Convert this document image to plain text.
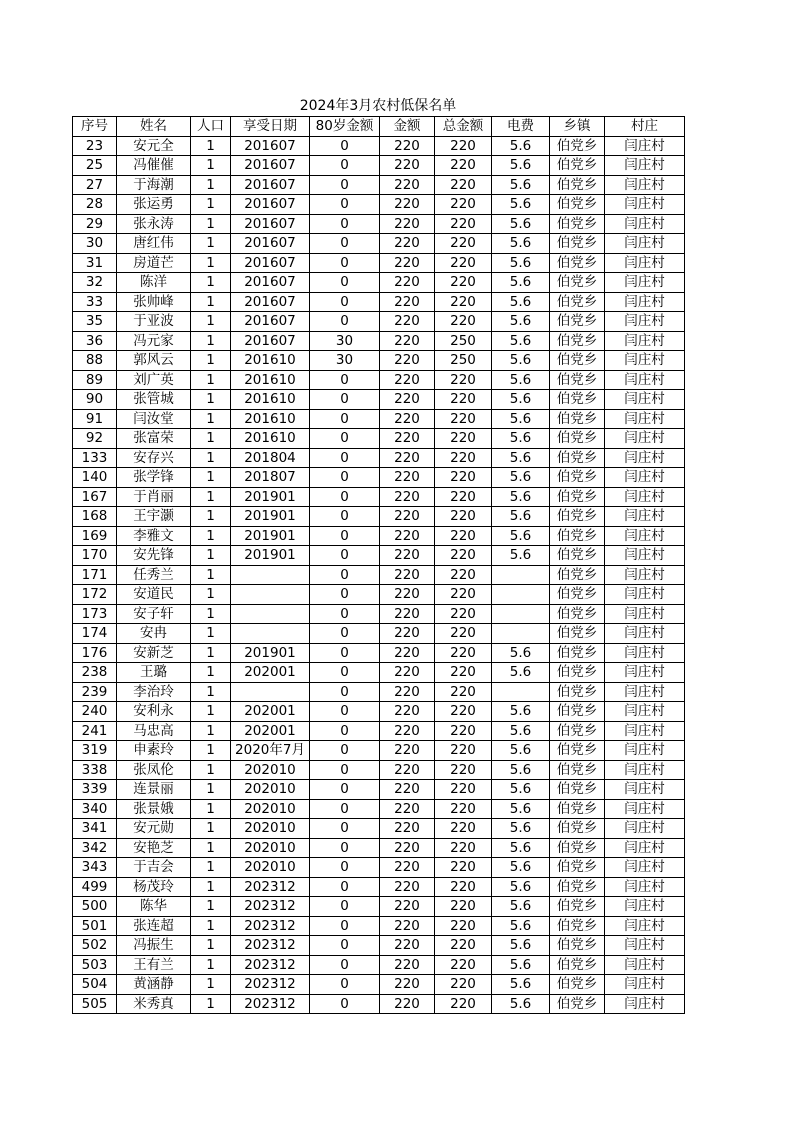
2024年3月农村低保名单
序号	姓名	人口	享受日期	80岁金额	金额	总金额	电费	乡镇	村庄
23	安元全	1	201607	0	220	220	5.6	伯党乡	闫庄村
25	冯催催	1	201607	0	220	220	5.6	伯党乡	闫庄村
27	于海潮	1	201607	0	220	220	5.6	伯党乡	闫庄村
28	张运勇	1	201607	0	220	220	5.6	伯党乡	闫庄村
29	张永涛	1	201607	0	220	220	5.6	伯党乡	闫庄村
30	唐红伟	1	201607	0	220	220	5.6	伯党乡	闫庄村
31	房道芒	1	201607	0	220	220	5.6	伯党乡	闫庄村
32	陈洋	1	201607	0	220	220	5.6	伯党乡	闫庄村
33	张帅峰	1	201607	0	220	220	5.6	伯党乡	闫庄村
35	于亚波	1	201607	0	220	220	5.6	伯党乡	闫庄村
36	冯元家	1	201607	30	220	250	5.6	伯党乡	闫庄村
88	郭风云	1	201610	30	220	250	5.6	伯党乡	闫庄村
89	刘广英	1	201610	0	220	220	5.6	伯党乡	闫庄村
90	张管城	1	201610	0	220	220	5.6	伯党乡	闫庄村
91	闫汝堂	1	201610	0	220	220	5.6	伯党乡	闫庄村
92	张富荣	1	201610	0	220	220	5.6	伯党乡	闫庄村
133	安存兴	1	201804	0	220	220	5.6	伯党乡	闫庄村
140	张学锋	1	201807	0	220	220	5.6	伯党乡	闫庄村
167	于肖丽	1	201901	0	220	220	5.6	伯党乡	闫庄村
168	王宇灏	1	201901	0	220	220	5.6	伯党乡	闫庄村
169	李雅文	1	201901	0	220	220	5.6	伯党乡	闫庄村
170	安先锋	1	201901	0	220	220	5.6	伯党乡	闫庄村
171	任秀兰	1		0	220	220		伯党乡	闫庄村
172	安道民	1		0	220	220		伯党乡	闫庄村
173	安子轩	1		0	220	220		伯党乡	闫庄村
174	安冉	1		0	220	220		伯党乡	闫庄村
176	安新芝	1	201901	0	220	220	5.6	伯党乡	闫庄村
238	王璐	1	202001	0	220	220	5.6	伯党乡	闫庄村
239	李治玲	1		0	220	220		伯党乡	闫庄村
240	安利永	1	202001	0	220	220	5.6	伯党乡	闫庄村
241	马忠高	1	202001	0	220	220	5.6	伯党乡	闫庄村
319	申素玲	1	2020年7月	0	220	220	5.6	伯党乡	闫庄村
338	张凤伦	1	202010	0	220	220	5.6	伯党乡	闫庄村
339	连景丽	1	202010	0	220	220	5.6	伯党乡	闫庄村
340	张景娥	1	202010	0	220	220	5.6	伯党乡	闫庄村
341	安元勋	1	202010	0	220	220	5.6	伯党乡	闫庄村
342	安艳芝	1	202010	0	220	220	5.6	伯党乡	闫庄村
343	于吉会	1	202010	0	220	220	5.6	伯党乡	闫庄村
499	杨茂玲	1	202312	0	220	220	5.6	伯党乡	闫庄村
500	陈华	1	202312	0	220	220	5.6	伯党乡	闫庄村
501	张连超	1	202312	0	220	220	5.6	伯党乡	闫庄村
502	冯振生	1	202312	0	220	220	5.6	伯党乡	闫庄村
503	王有兰	1	202312	0	220	220	5.6	伯党乡	闫庄村
504	黄涵静	1	202312	0	220	220	5.6	伯党乡	闫庄村
505	米秀真	1	202312	0	220	220	5.6	伯党乡	闫庄村
